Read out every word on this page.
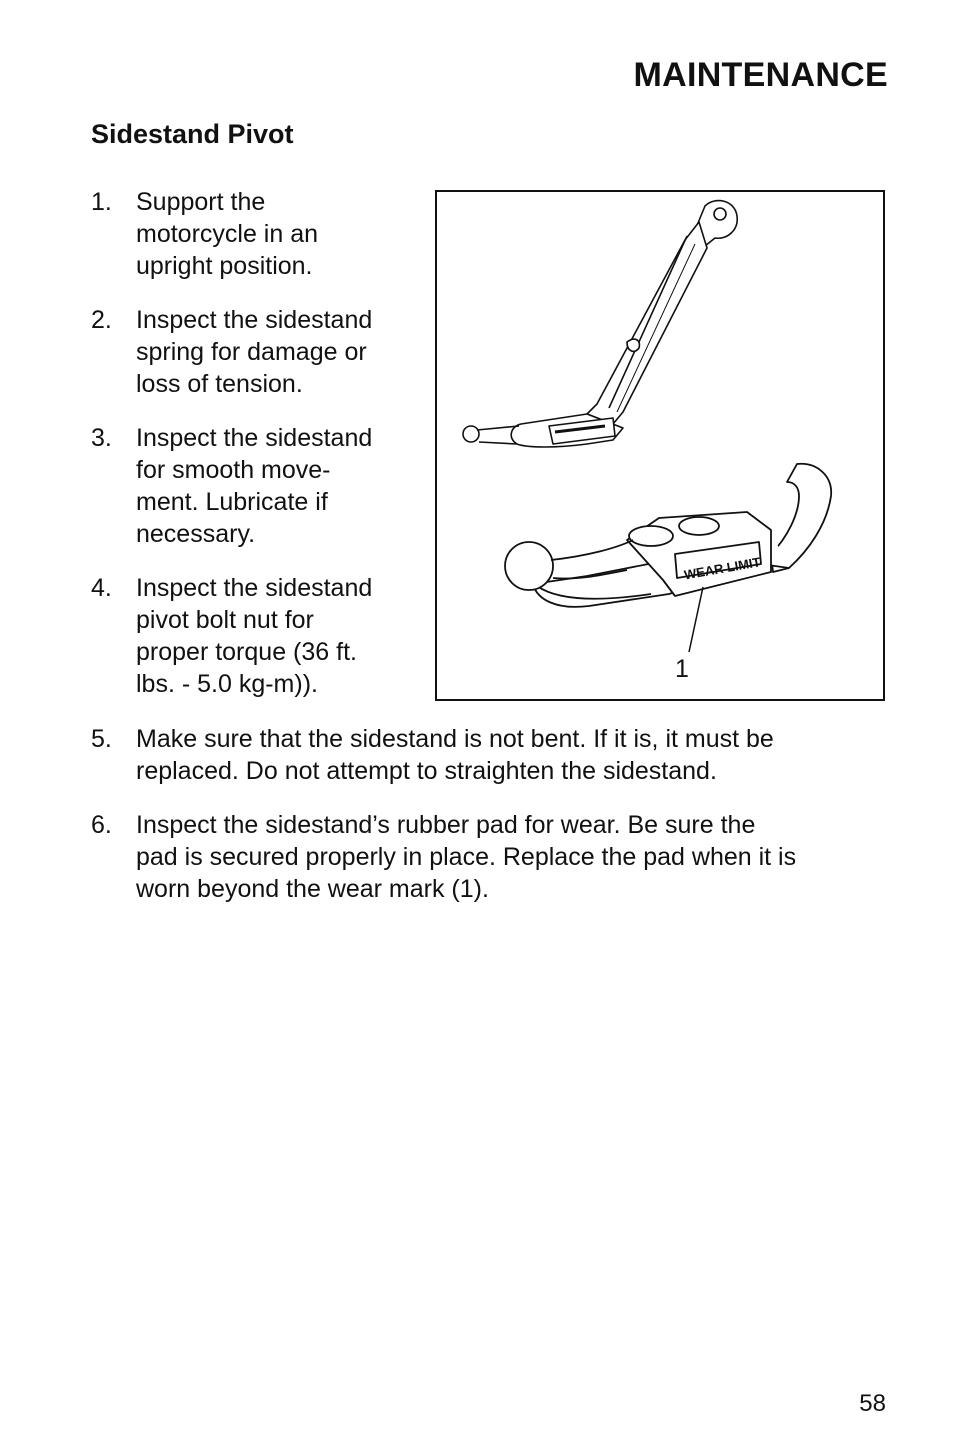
MAINTENANCE
Sidestand Pivot
1. Support the
motorcycle in an
upright position.
2. Inspect the sidestand
spring for damage or
loss of tension.
3. Inspect the sidestand
for smooth move-
ment. Lubricate if
necessary.
4. Inspect the sidestand
pivot bolt nut for
proper torque (36 ft.
lbs. - 5.0 kg-m)).
5. Make sure that the sidestand is not bent. If it is, it must be
replaced. Do not attempt to straighten the sidestand.
6. Inspect the sidestand’s rubber pad for wear. Be sure the
pad is secured properly in place. Replace the pad when it is
worn beyond the wear mark (1).
WEAR LIMIT
1
58
